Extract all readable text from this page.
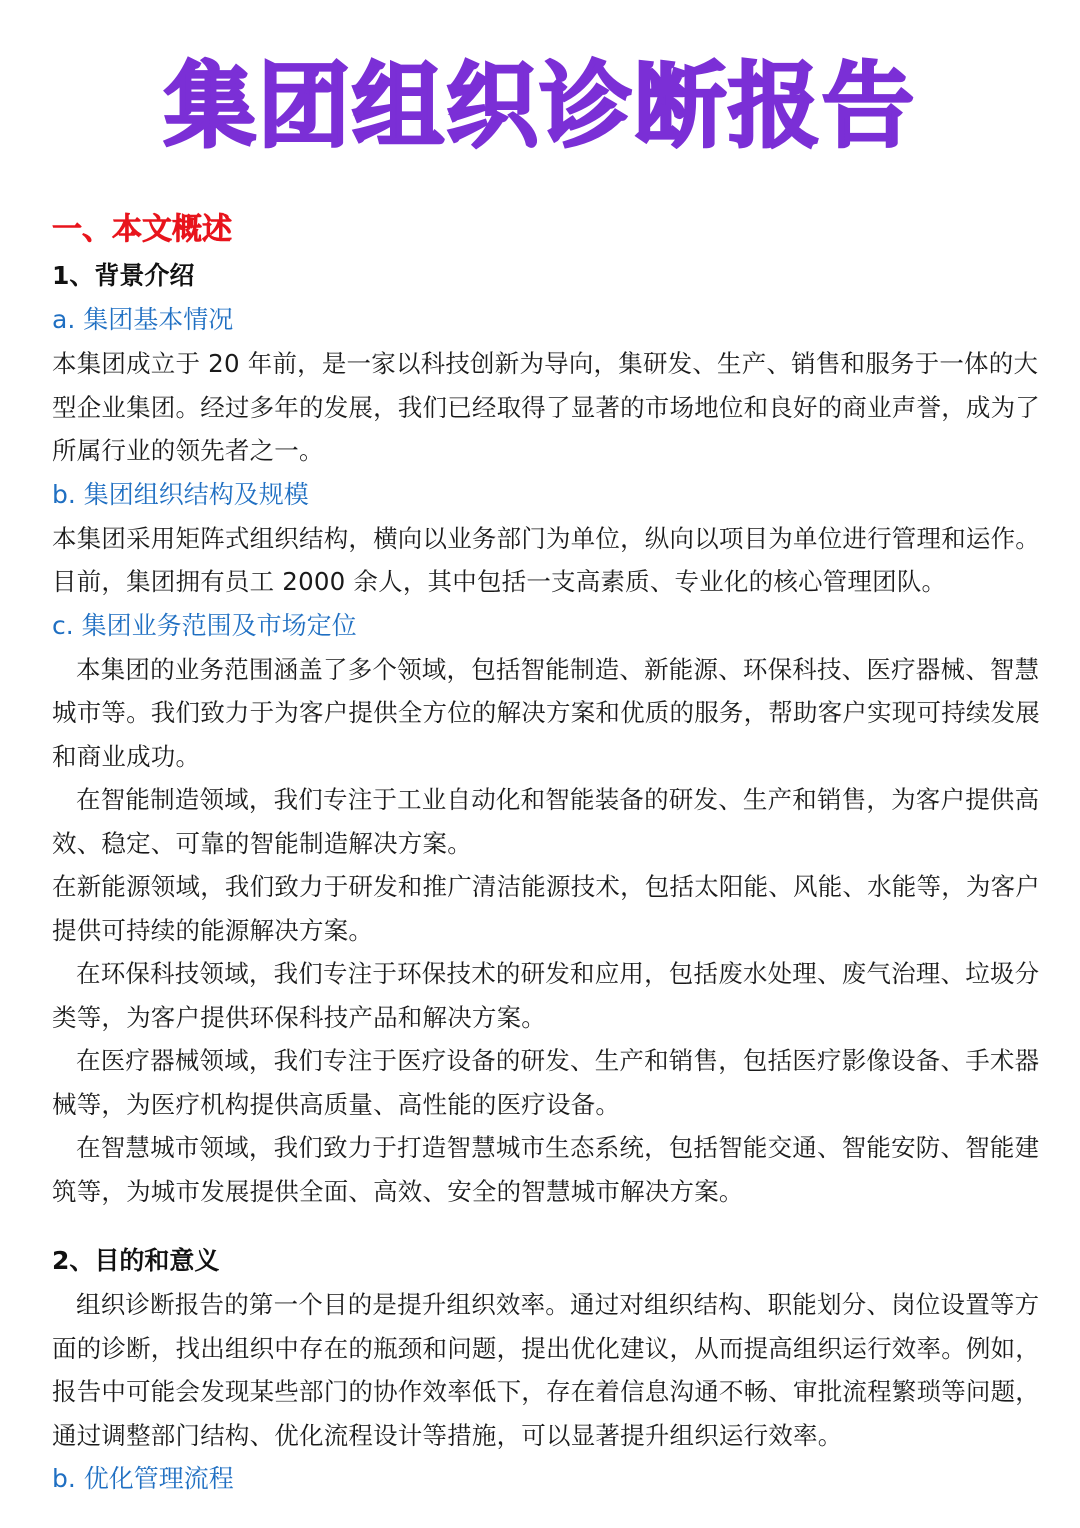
集团组织诊断报告
一、本文概述
1、背景介绍
a. 集团基本情况
本集团成立于 20 年前，是一家以科技创新为导向，集研发、生产、销售和服务于一体的大型企业集团。经过多年的发展，我们已经取得了显著的市场地位和良好的商业声誉，成为了所属行业的领先者之一。
b. 集团组织结构及规模
本集团采用矩阵式组织结构，横向以业务部门为单位，纵向以项目为单位进行管理和运作。目前，集团拥有员工 2000 余人，其中包括一支高素质、专业化的核心管理团队。
c. 集团业务范围及市场定位
本集团的业务范围涵盖了多个领域，包括智能制造、新能源、环保科技、医疗器械、智慧城市等。我们致力于为客户提供全方位的解决方案和优质的服务，帮助客户实现可持续发展和商业成功。
在智能制造领域，我们专注于工业自动化和智能装备的研发、生产和销售，为客户提供高效、稳定、可靠的智能制造解决方案。
在新能源领域，我们致力于研发和推广清洁能源技术，包括太阳能、风能、水能等，为客户提供可持续的能源解决方案。
在环保科技领域，我们专注于环保技术的研发和应用，包括废水处理、废气治理、垃圾分类等，为客户提供环保科技产品和解决方案。
在医疗器械领域，我们专注于医疗设备的研发、生产和销售，包括医疗影像设备、手术器械等，为医疗机构提供高质量、高性能的医疗设备。
在智慧城市领域，我们致力于打造智慧城市生态系统，包括智能交通、智能安防、智能建筑等，为城市发展提供全面、高效、安全的智慧城市解决方案。
2、目的和意义
组织诊断报告的第一个目的是提升组织效率。通过对组织结构、职能划分、岗位设置等方面的诊断，找出组织中存在的瓶颈和问题，提出优化建议，从而提高组织运行效率。例如，报告中可能会发现某些部门的协作效率低下，存在着信息沟通不畅、审批流程繁琐等问题，通过调整部门结构、优化流程设计等措施，可以显著提升组织运行效率。
b. 优化管理流程
